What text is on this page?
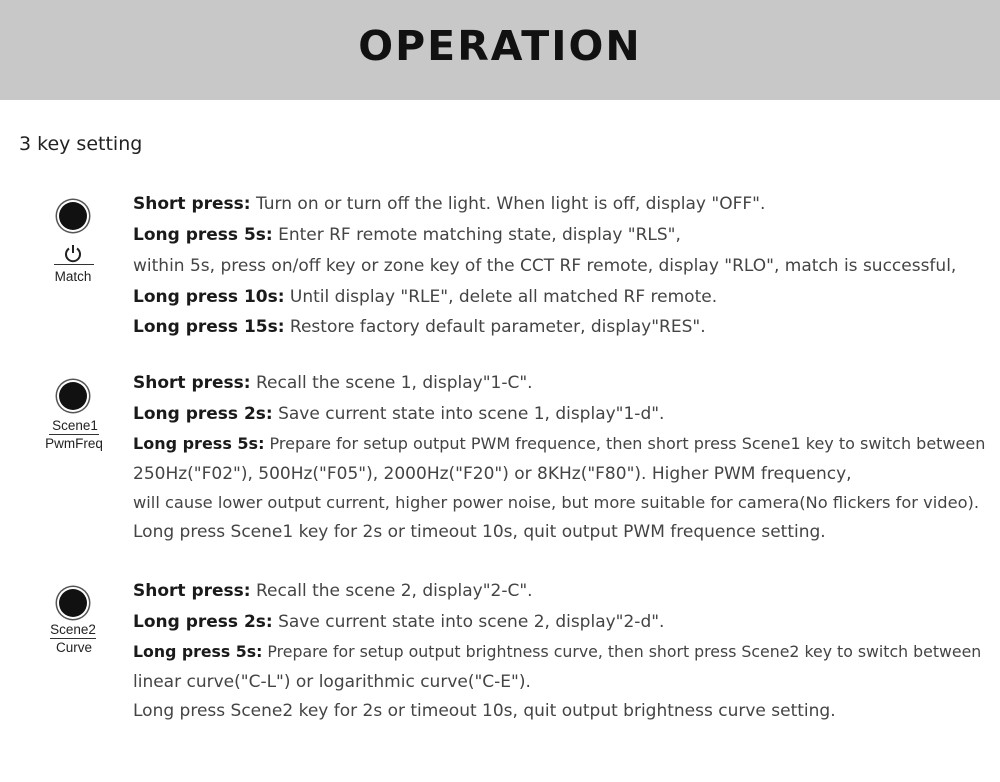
OPERATION
3 key setting
Match
Scene1
PwmFreq
Scene2
Curve
Short press: Turn on or turn off the light. When light is off, display "OFF".
Long press 5s: Enter RF remote matching state, display "RLS",
within 5s, press on/off key or zone key of the CCT RF remote, display "RLO", match is successful,
Long press 10s: Until display "RLE", delete all matched RF remote.
Long press 15s: Restore factory default parameter, display"RES".
Short press: Recall the scene 1, display"1-C".
Long press 2s: Save current state into scene 1, display"1-d".
Long press 5s: Prepare for setup output PWM frequence, then short press Scene1 key to switch between
250Hz("F02"), 500Hz("F05"), 2000Hz("F20") or 8KHz("F80"). Higher PWM frequency,
will cause lower output current, higher power noise, but more suitable for camera(No flickers for video).
Long press Scene1 key for 2s or timeout 10s, quit output PWM frequence setting.
Short press: Recall the scene 2, display"2-C".
Long press 2s: Save current state into scene 2, display"2-d".
Long press 5s: Prepare for setup output brightness curve, then short press Scene2 key to switch between
linear curve("C-L") or logarithmic curve("C-E").
Long press Scene2 key for 2s or timeout 10s, quit output brightness curve setting.
